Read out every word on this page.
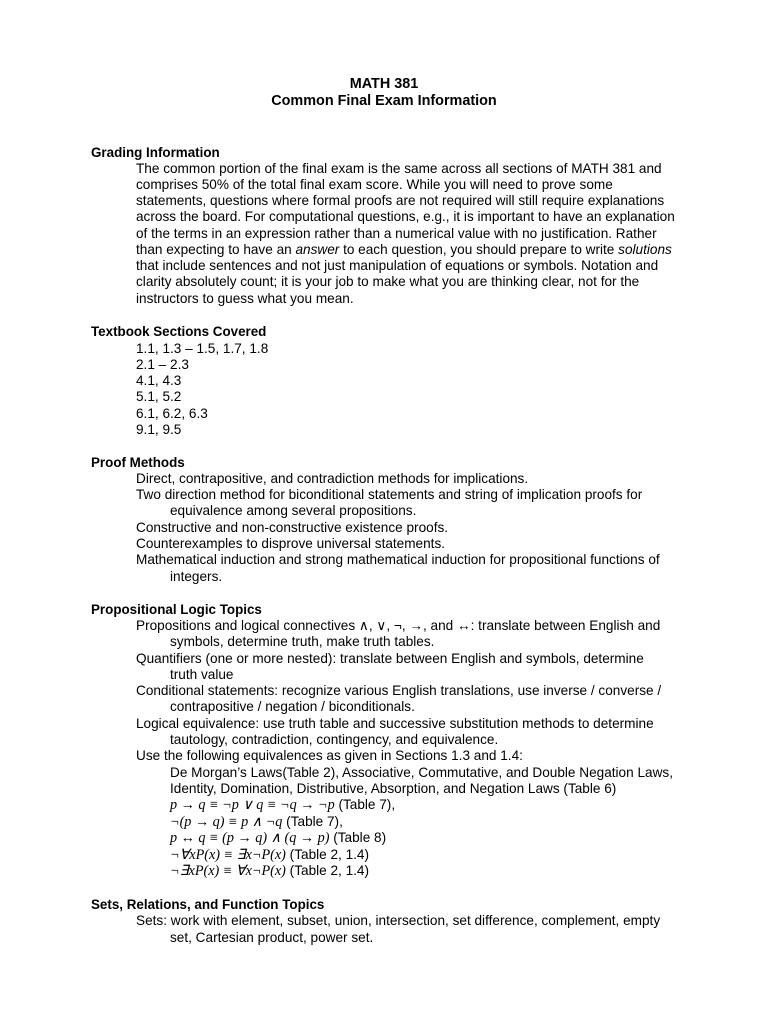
MATH 381
Common Final Exam Information
Grading Information
The common portion of the final exam is the same across all sections of MATH 381 and
comprises 50% of the total final exam score. While you will need to prove some
statements, questions where formal proofs are not required will still require explanations
across the board. For computational questions, e.g., it is important to have an explanation
of the terms in an expression rather than a numerical value with no justification. Rather
than expecting to have an answer to each question, you should prepare to write solutions
that include sentences and not just manipulation of equations or symbols. Notation and
clarity absolutely count; it is your job to make what you are thinking clear, not for the
instructors to guess what you mean.
Textbook Sections Covered
1.1, 1.3 – 1.5, 1.7, 1.8
2.1 – 2.3
4.1, 4.3
5.1, 5.2
6.1, 6.2, 6.3
9.1, 9.5
Proof Methods
Direct, contrapositive, and contradiction methods for implications.
Two direction method for biconditional statements and string of implication proofs for
equivalence among several propositions.
Constructive and non-constructive existence proofs.
Counterexamples to disprove universal statements.
Mathematical induction and strong mathematical induction for propositional functions of
integers.
Propositional Logic Topics
Propositions and logical connectives ∧, ∨, ¬, →, and ↔: translate between English and
symbols, determine truth, make truth tables.
Quantifiers (one or more nested): translate between English and symbols, determine
truth value
Conditional statements: recognize various English translations, use inverse / converse /
contrapositive / negation / biconditionals.
Logical equivalence: use truth table and successive substitution methods to determine
tautology, contradiction, contingency, and equivalence.
Use the following equivalences as given in Sections 1.3 and 1.4:
De Morgan’s Laws(Table 2), Associative, Commutative, and Double Negation Laws,
Identity, Domination, Distributive, Absorption, and Negation Laws (Table 6)
p → q ≡ ¬p ∨ q ≡ ¬q → ¬p (Table 7),
¬(p → q) ≡ p ∧ ¬q (Table 7),
p ↔ q ≡ (p → q) ∧ (q → p) (Table 8)
¬∀xP(x) ≡ ∃x¬P(x) (Table 2, 1.4)
¬∃xP(x) ≡ ∀x¬P(x) (Table 2, 1.4)
Sets, Relations, and Function Topics
Sets: work with element, subset, union, intersection, set difference, complement, empty
set, Cartesian product, power set.
